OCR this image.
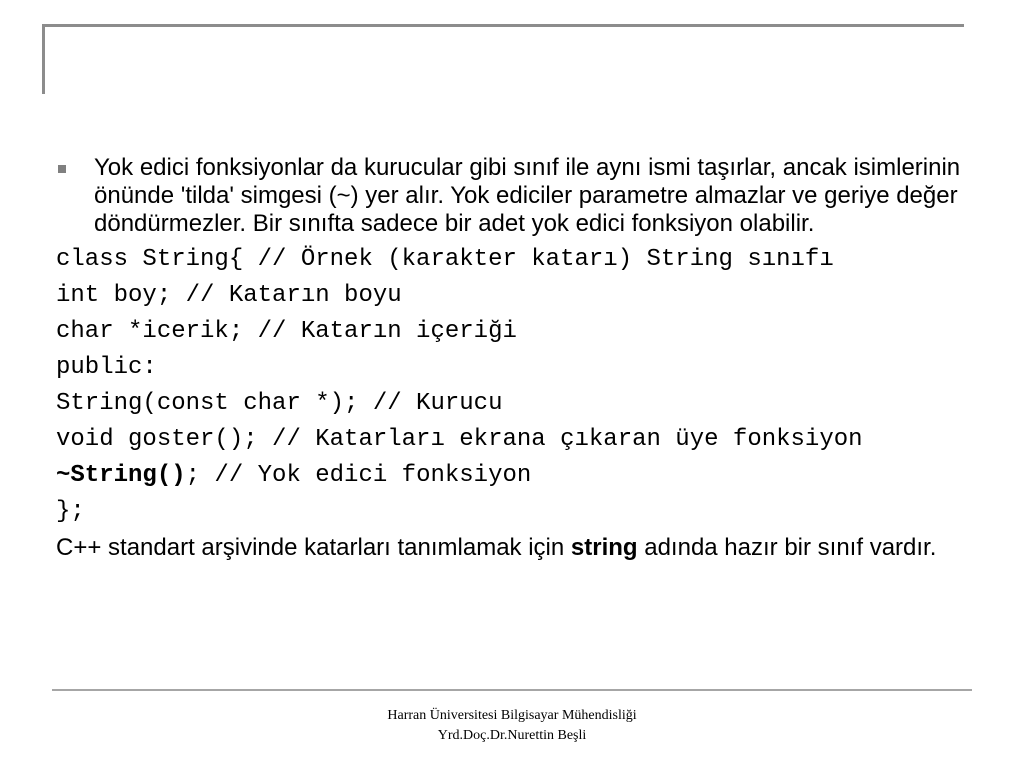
Yok edici fonksiyonlar da kurucular gibi sınıf ile aynı ismi taşırlar, ancak isimlerinin önünde 'tilda' simgesi (~) yer alır. Yok ediciler parametre almazlar ve geriye değer döndürmezler. Bir sınıfta sadece bir adet yok edici fonksiyon olabilir.
class String{ // Örnek (karakter katarı) String sınıfı
int boy; // Katarın boyu
char *icerik; // Katarın içeriği
public:
String(const char *); // Kurucu
void goster(); // Katarları ekrana çıkaran üye fonksiyon
~String(); // Yok edici fonksiyon
};
C++ standart arşivinde katarları tanımlamak için string adında hazır bir sınıf vardır.
Harran Üniversitesi Bilgisayar Mühendisliği
Yrd.Doç.Dr.Nurettin Beşli
